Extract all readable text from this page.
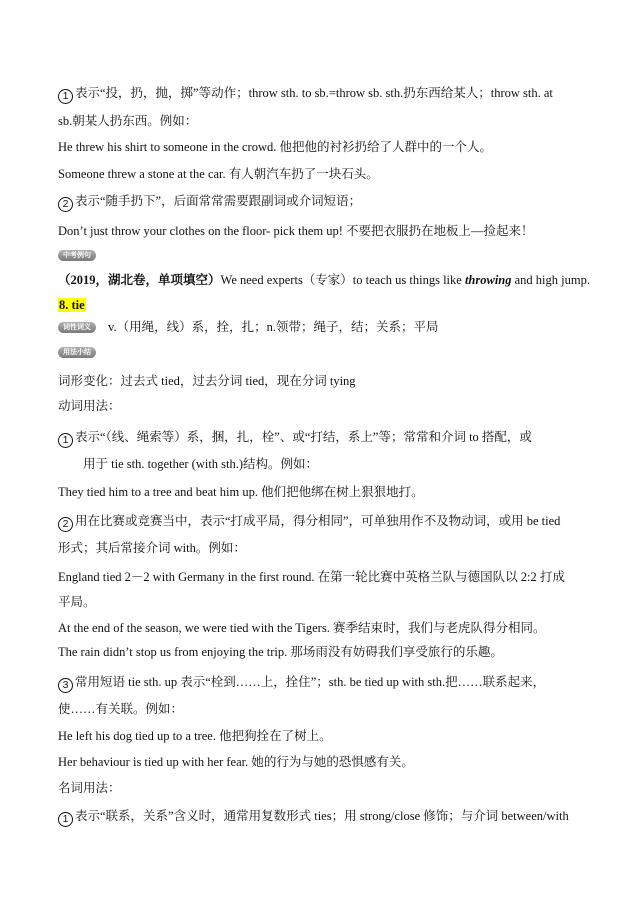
1 表示“投，扔，抛，掷”等动作；throw sth. to sb.=throw sb. sth.扔东西给某人；throw sth. at
sb.朝某人扔东西。例如：
He threw his shirt to someone in the crowd. 他把他的衬衫扔给了人群中的一个人。
Someone threw a stone at the car. 有人朝汽车扔了一块石头。
2 表示“随手扔下”，后面常常需要跟副词或介词短语；
Don’t just throw your clothes on the floor- pick them up! 不要把衣服扔在地板上—捡起来！
中考例句
（2019，湖北卷，单项填空）We need experts（专家）to teach us things like throwing and high jump.
8. tie
词性词义	v.（用绳，线）系，拴，扎；n.领带；绳子，结；关系；平局
用法小结
词形变化：过去式 tied，过去分词 tied，现在分词 tying
动词用法：
1 表示“（线、绳索等）系，捆，扎，栓”、或“打结，系上”等；常常和介词 to 搭配，或
用于 tie sth. together (with sth.)结构。例如：
They tied him to a tree and beat him up. 他们把他绑在树上狠狠地打。
2 用在比赛或竞赛当中，表示“打成平局，得分相同”，可单独用作不及物动词，或用 be tied
形式；其后常接介词 with。例如：
England tied 2－2 with Germany in the first round. 在第一轮比赛中英格兰队与德国队以 2:2 打成
平局。
At the end of the season, we were tied with the Tigers. 赛季结束时，我们与老虎队得分相同。
The rain didn’t stop us from enjoying the trip. 那场雨没有妨碍我们享受旅行的乐趣。
3 常用短语 tie sth. up 表示“栓到……上，拴住”；sth. be tied up with sth.把……联系起来，
使……有关联。例如：
He left his dog tied up to a tree. 他把狗拴在了树上。
Her behaviour is tied up with her fear. 她的行为与她的恐惧感有关。
名词用法：
1 表示“联系，关系”含义时，通常用复数形式 ties；用 strong/close 修饰；与介词 between/with
